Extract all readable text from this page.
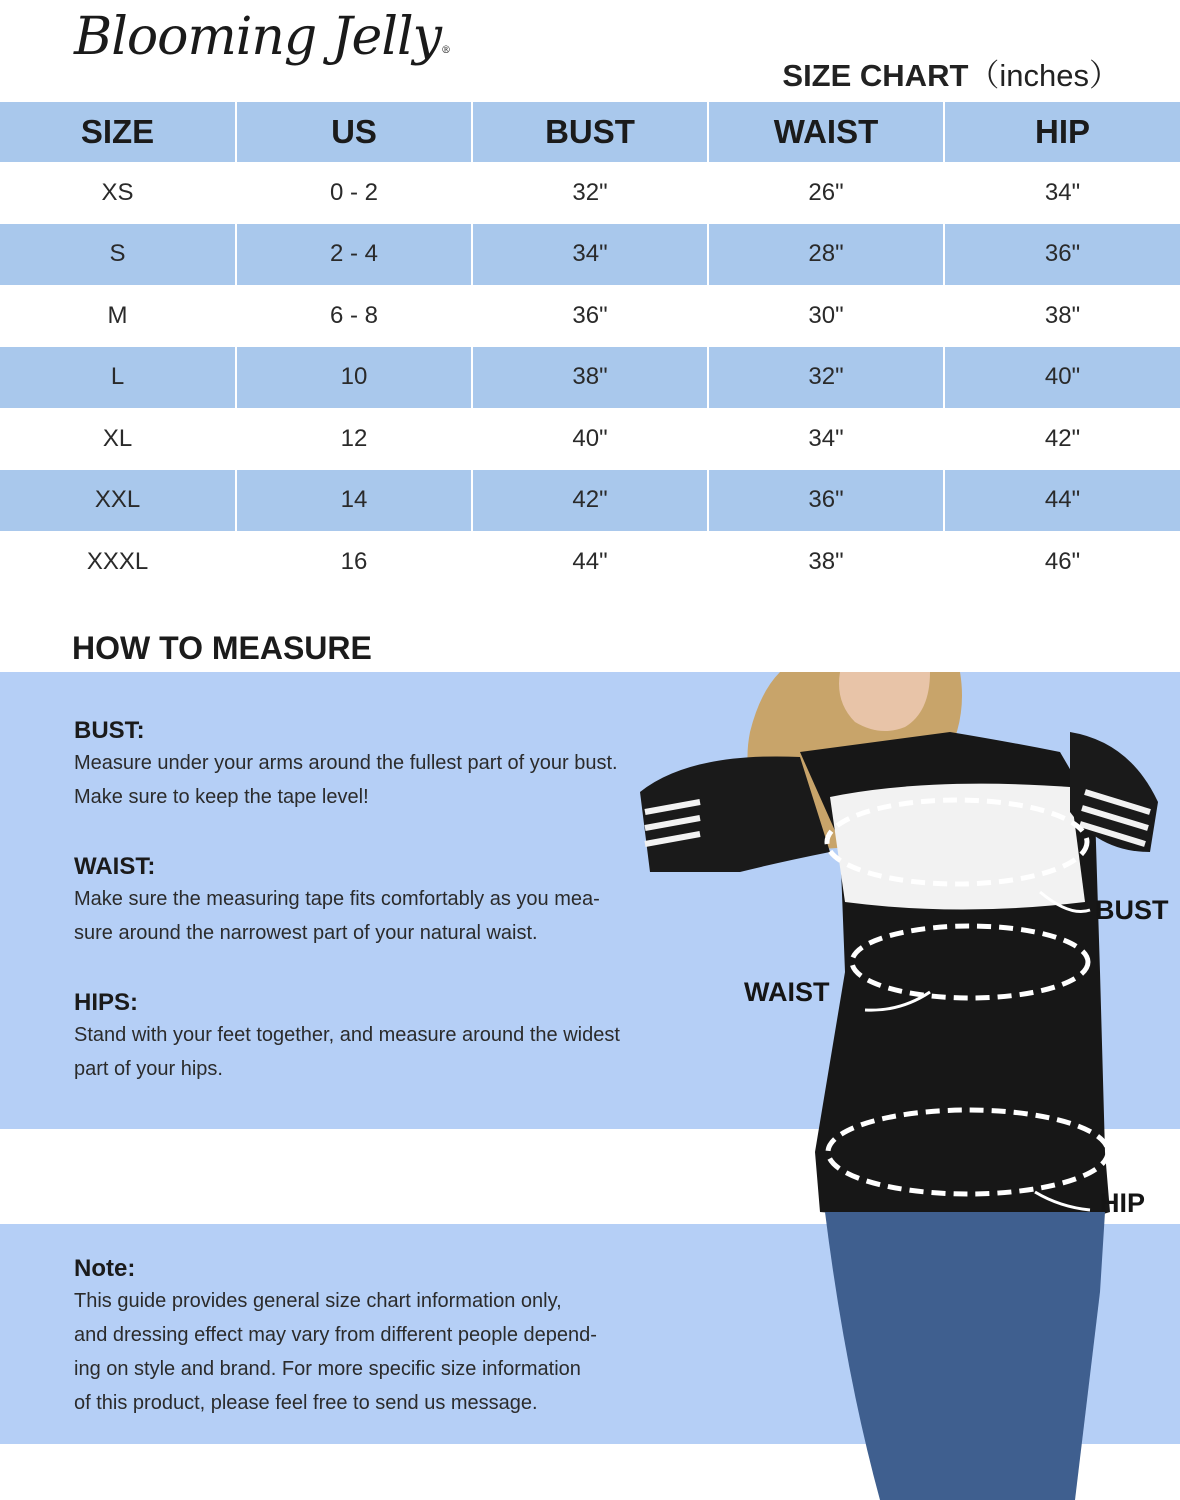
Blooming Jelly®
SIZE CHART（inches）
SIZE	US	BUST	WAIST	HIP
XS	0 - 2	32"	26"	34"
S	2 - 4	34"	28"	36"
M	6 - 8	36"	30"	38"
L	10	38"	32"	40"
XL	12	40"	34"	42"
XXL	14	42"	36"	44"
XXXL	16	44"	38"	46"
HOW TO MEASURE
BUST:

Measure under your arms around the fullest part of your bust.

Make sure to keep the tape level!

WAIST:

Make sure the measuring tape fits comfortably as you mea-

sure around the narrowest part of your natural waist.

HIPS:

Stand with your feet together, and measure around the widest

part of your hips.

Note:

This guide provides general size chart information only,

and dressing effect may vary from different people depend-

ing on style and brand. For more specific size information

of this product, please feel free to send us message.

BUST
WAIST
HIP
